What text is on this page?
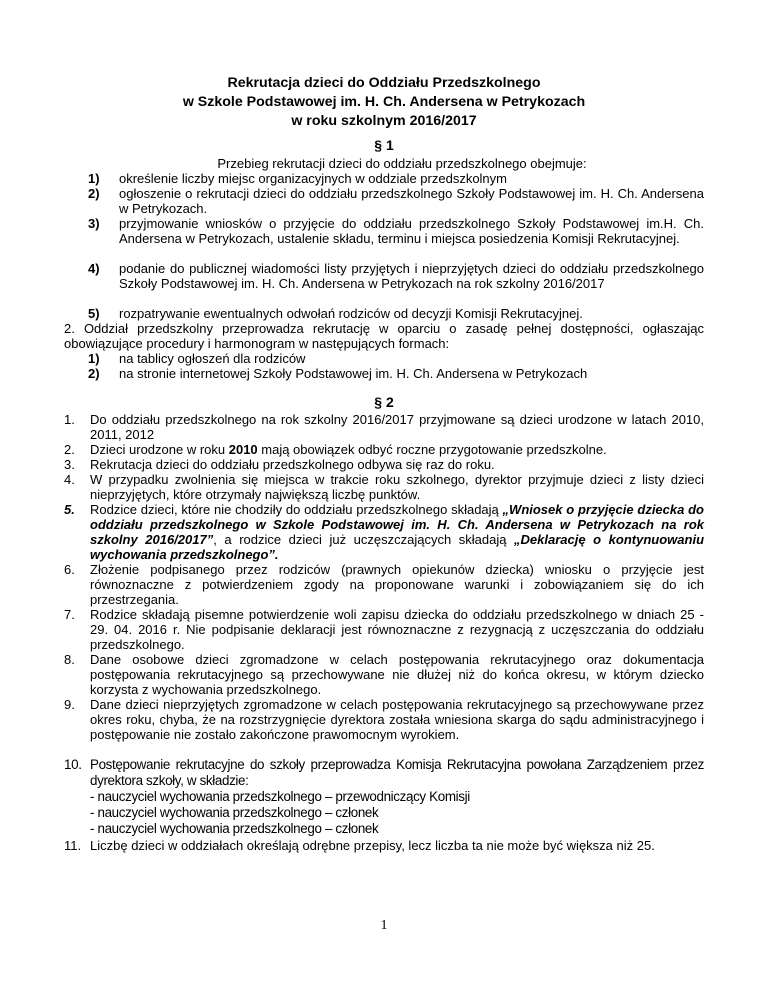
Rekrutacja dzieci do Oddziału Przedszkolnego
w Szkole Podstawowej im. H. Ch. Andersena w Petrykozach
w roku szkolnym 2016/2017
§ 1
Przebieg rekrutacji dzieci do oddziału przedszkolnego obejmuje:
1) określenie liczby miejsc organizacyjnych w oddziale przedszkolnym
2) ogłoszenie o rekrutacji dzieci do oddziału przedszkolnego Szkoły Podstawowej im. H. Ch. Andersena w Petrykozach.
3) przyjmowanie wniosków o przyjęcie do oddziału przedszkolnego Szkoły Podstawowej im.H. Ch. Andersena w Petrykozach, ustalenie składu, terminu i miejsca posiedzenia Komisji Rekrutacyjnej.
4) podanie do publicznej wiadomości listy przyjętych i nieprzyjętych dzieci do oddziału przedszkolnego Szkoły Podstawowej im. H. Ch. Andersena w Petrykozach na rok szkolny 2016/2017
5) rozpatrywanie ewentualnych odwołań rodziców od decyzji Komisji Rekrutacyjnej.
2. Oddział przedszkolny przeprowadza rekrutację w oparciu o zasadę pełnej dostępności, ogłaszając obowiązujące procedury i harmonogram w następujących formach:
1) na tablicy ogłoszeń dla rodziców
2) na stronie internetowej Szkoły Podstawowej im. H. Ch. Andersena w Petrykozach
§ 2
1. Do oddziału przedszkolnego na rok szkolny 2016/2017 przyjmowane są dzieci urodzone w latach 2010, 2011, 2012
2. Dzieci urodzone w roku 2010 mają obowiązek odbyć roczne przygotowanie przedszkolne.
3. Rekrutacja dzieci do oddziału przedszkolnego odbywa się raz do roku.
4. W przypadku zwolnienia się miejsca w trakcie roku szkolnego, dyrektor przyjmuje dzieci z listy dzieci nieprzyjętych, które otrzymały największą liczbę punktów.
5. Rodzice dzieci, które nie chodziły do oddziału przedszkolnego składają „Wniosek o przyjęcie dziecka do oddziału przedszkolnego w Szkole Podstawowej im. H. Ch. Andersena w Petrykozach na rok szkolny 2016/2017”, a rodzice dzieci już uczęszczających składają „Deklarację o kontynuowaniu wychowania przedszkolnego”.
6. Złożenie podpisanego przez rodziców (prawnych opiekunów dziecka) wniosku o przyjęcie jest równoznaczne z potwierdzeniem zgody na proponowane warunki i zobowiązaniem się do ich przestrzegania.
7. Rodzice składają pisemne potwierdzenie woli zapisu dziecka do oddziału przedszkolnego w dniach 25 - 29. 04. 2016 r. Nie podpisanie deklaracji jest równoznaczne z rezygnacją z uczęszczania do oddziału przedszkolnego.
8. Dane osobowe dzieci zgromadzone w celach postępowania rekrutacyjnego oraz dokumentacja postępowania rekrutacyjnego są przechowywane nie dłużej niż do końca okresu, w którym dziecko korzysta z wychowania przedszkolnego.
9. Dane dzieci nieprzyjętych zgromadzone w celach postępowania rekrutacyjnego są przechowywane przez okres roku, chyba, że na rozstrzygnięcie dyrektora została wniesiona skarga do sądu administracyjnego i postępowanie nie zostało zakończone prawomocnym wyrokiem.
10. Postępowanie rekrutacyjne do szkoły przeprowadza Komisja Rekrutacyjna powołana Zarządzeniem przez dyrektora szkoły, w składzie:
- nauczyciel wychowania przedszkolnego – przewodniczący Komisji
- nauczyciel wychowania przedszkolnego – członek
- nauczyciel wychowania przedszkolnego – członek
11. Liczbę dzieci w oddziałach określają odrębne przepisy, lecz liczba ta nie może być większa niż 25.
1
